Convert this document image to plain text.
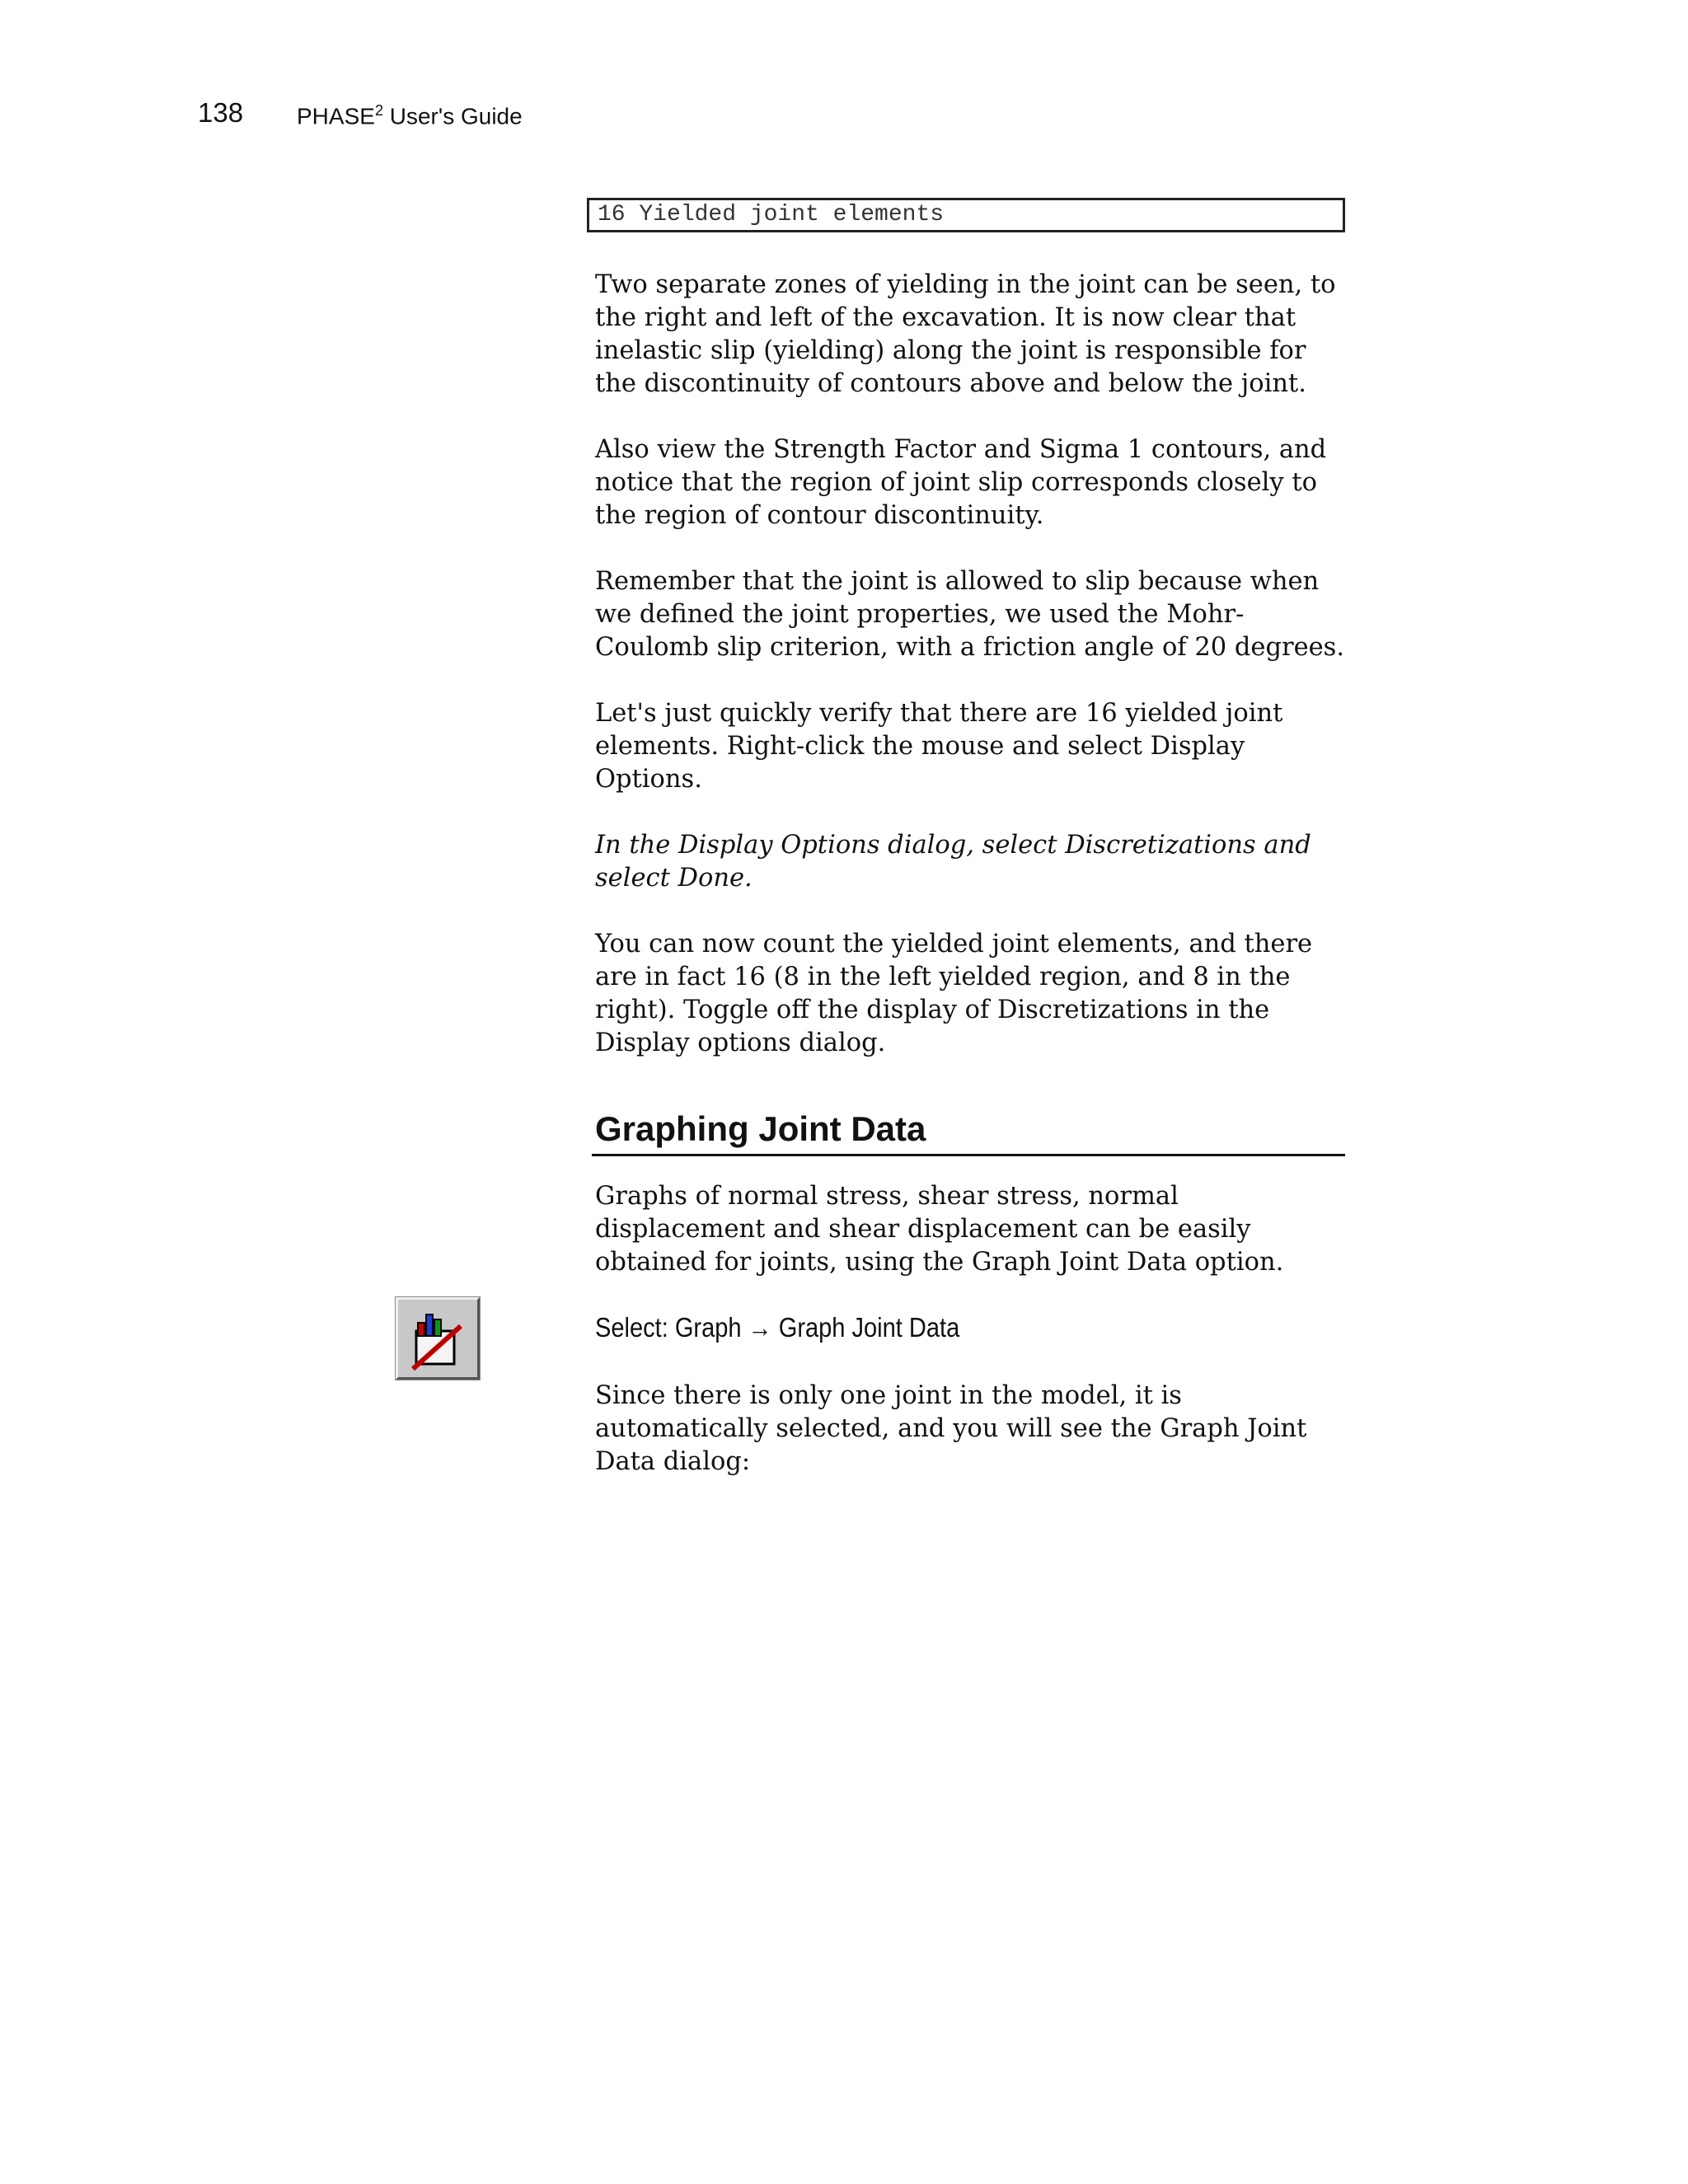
138 PHASE$^2$ User's Guide
16 Yielded joint elements

Two separate zones of yielding in the joint can be seen, to the right and left of the excavation. It is now clear that inelastic slip (yielding) along the joint is responsible for the discontinuity of contours above and below the joint.

Also view the Strength Factor and Sigma 1 contours, and notice that the region of joint slip corresponds closely to the region of contour discontinuity.

Remember that the joint is allowed to slip because when we defined the joint properties, we used the Mohr-Coulomb slip criterion, with a friction angle of 20 degrees.

Let's just quickly verify that there are 16 yielded joint elements. Right-click the mouse and select Display Options.

In the Display Options dialog, select Discretizations and select Done.

You can now count the yielded joint elements, and there are in fact 16 (8 in the left yielded region, and 8 in the right). Toggle off the display of Discretizations in the Display options dialog.

Graphing Joint Data

Graphs of normal stress, shear stress, normal displacement and shear displacement can be easily obtained for joints, using the Graph Joint Data option.

Select: Graph → Graph Joint Data

Since there is only one joint in the model, it is automatically selected, and you will see the Graph Joint Data dialog:
